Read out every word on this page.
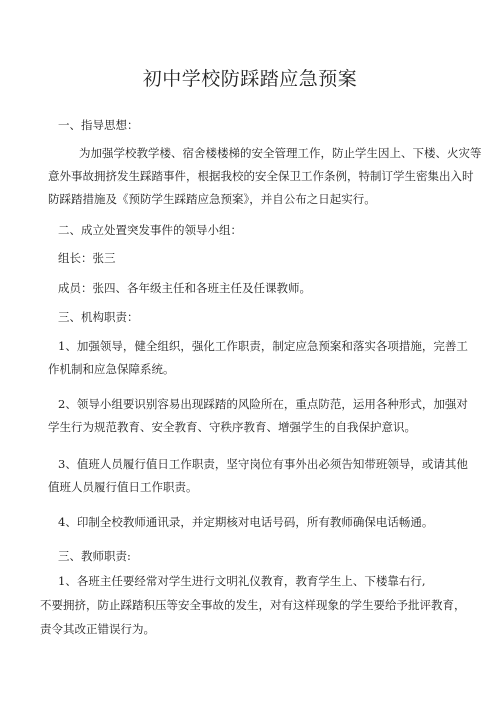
初中学校防踩踏应急预案
一、指导思想：
为加强学校教学楼、宿舍楼楼梯的安全管理工作，防止学生因上、下楼、火灾等
意外事故拥挤发生踩踏事件，根据我校的安全保卫工作条例，特制订学生密集出入时
防踩踏措施及《预防学生踩踏应急预案》，并自公布之日起实行。
二、成立处置突发事件的领导小组：
组长：张三
成员：张四、各年级主任和各班主任及任课教师。
三、机构职责：
1、加强领导，健全组织，强化工作职责，制定应急预案和落实各项措施，完善工
作机制和应急保障系统。
2、领导小组要识别容易出现踩踏的风险所在，重点防范，运用各种形式，加强对
学生行为规范教育、安全教育、守秩序教育、增强学生的自我保护意识。
3、值班人员履行值日工作职责，坚守岗位有事外出必须告知带班领导，或请其他
值班人员履行值日工作职责。
4、印制全校教师通讯录，并定期核对电话号码，所有教师确保电话畅通。
三、教师职责:
1、各班主任要经常对学生进行文明礼仪教育，教育学生上、下楼靠右行,
不要拥挤，防止踩踏积压等安全事故的发生，对有这样现象的学生要给予批评教育，
责令其改正错误行为。
